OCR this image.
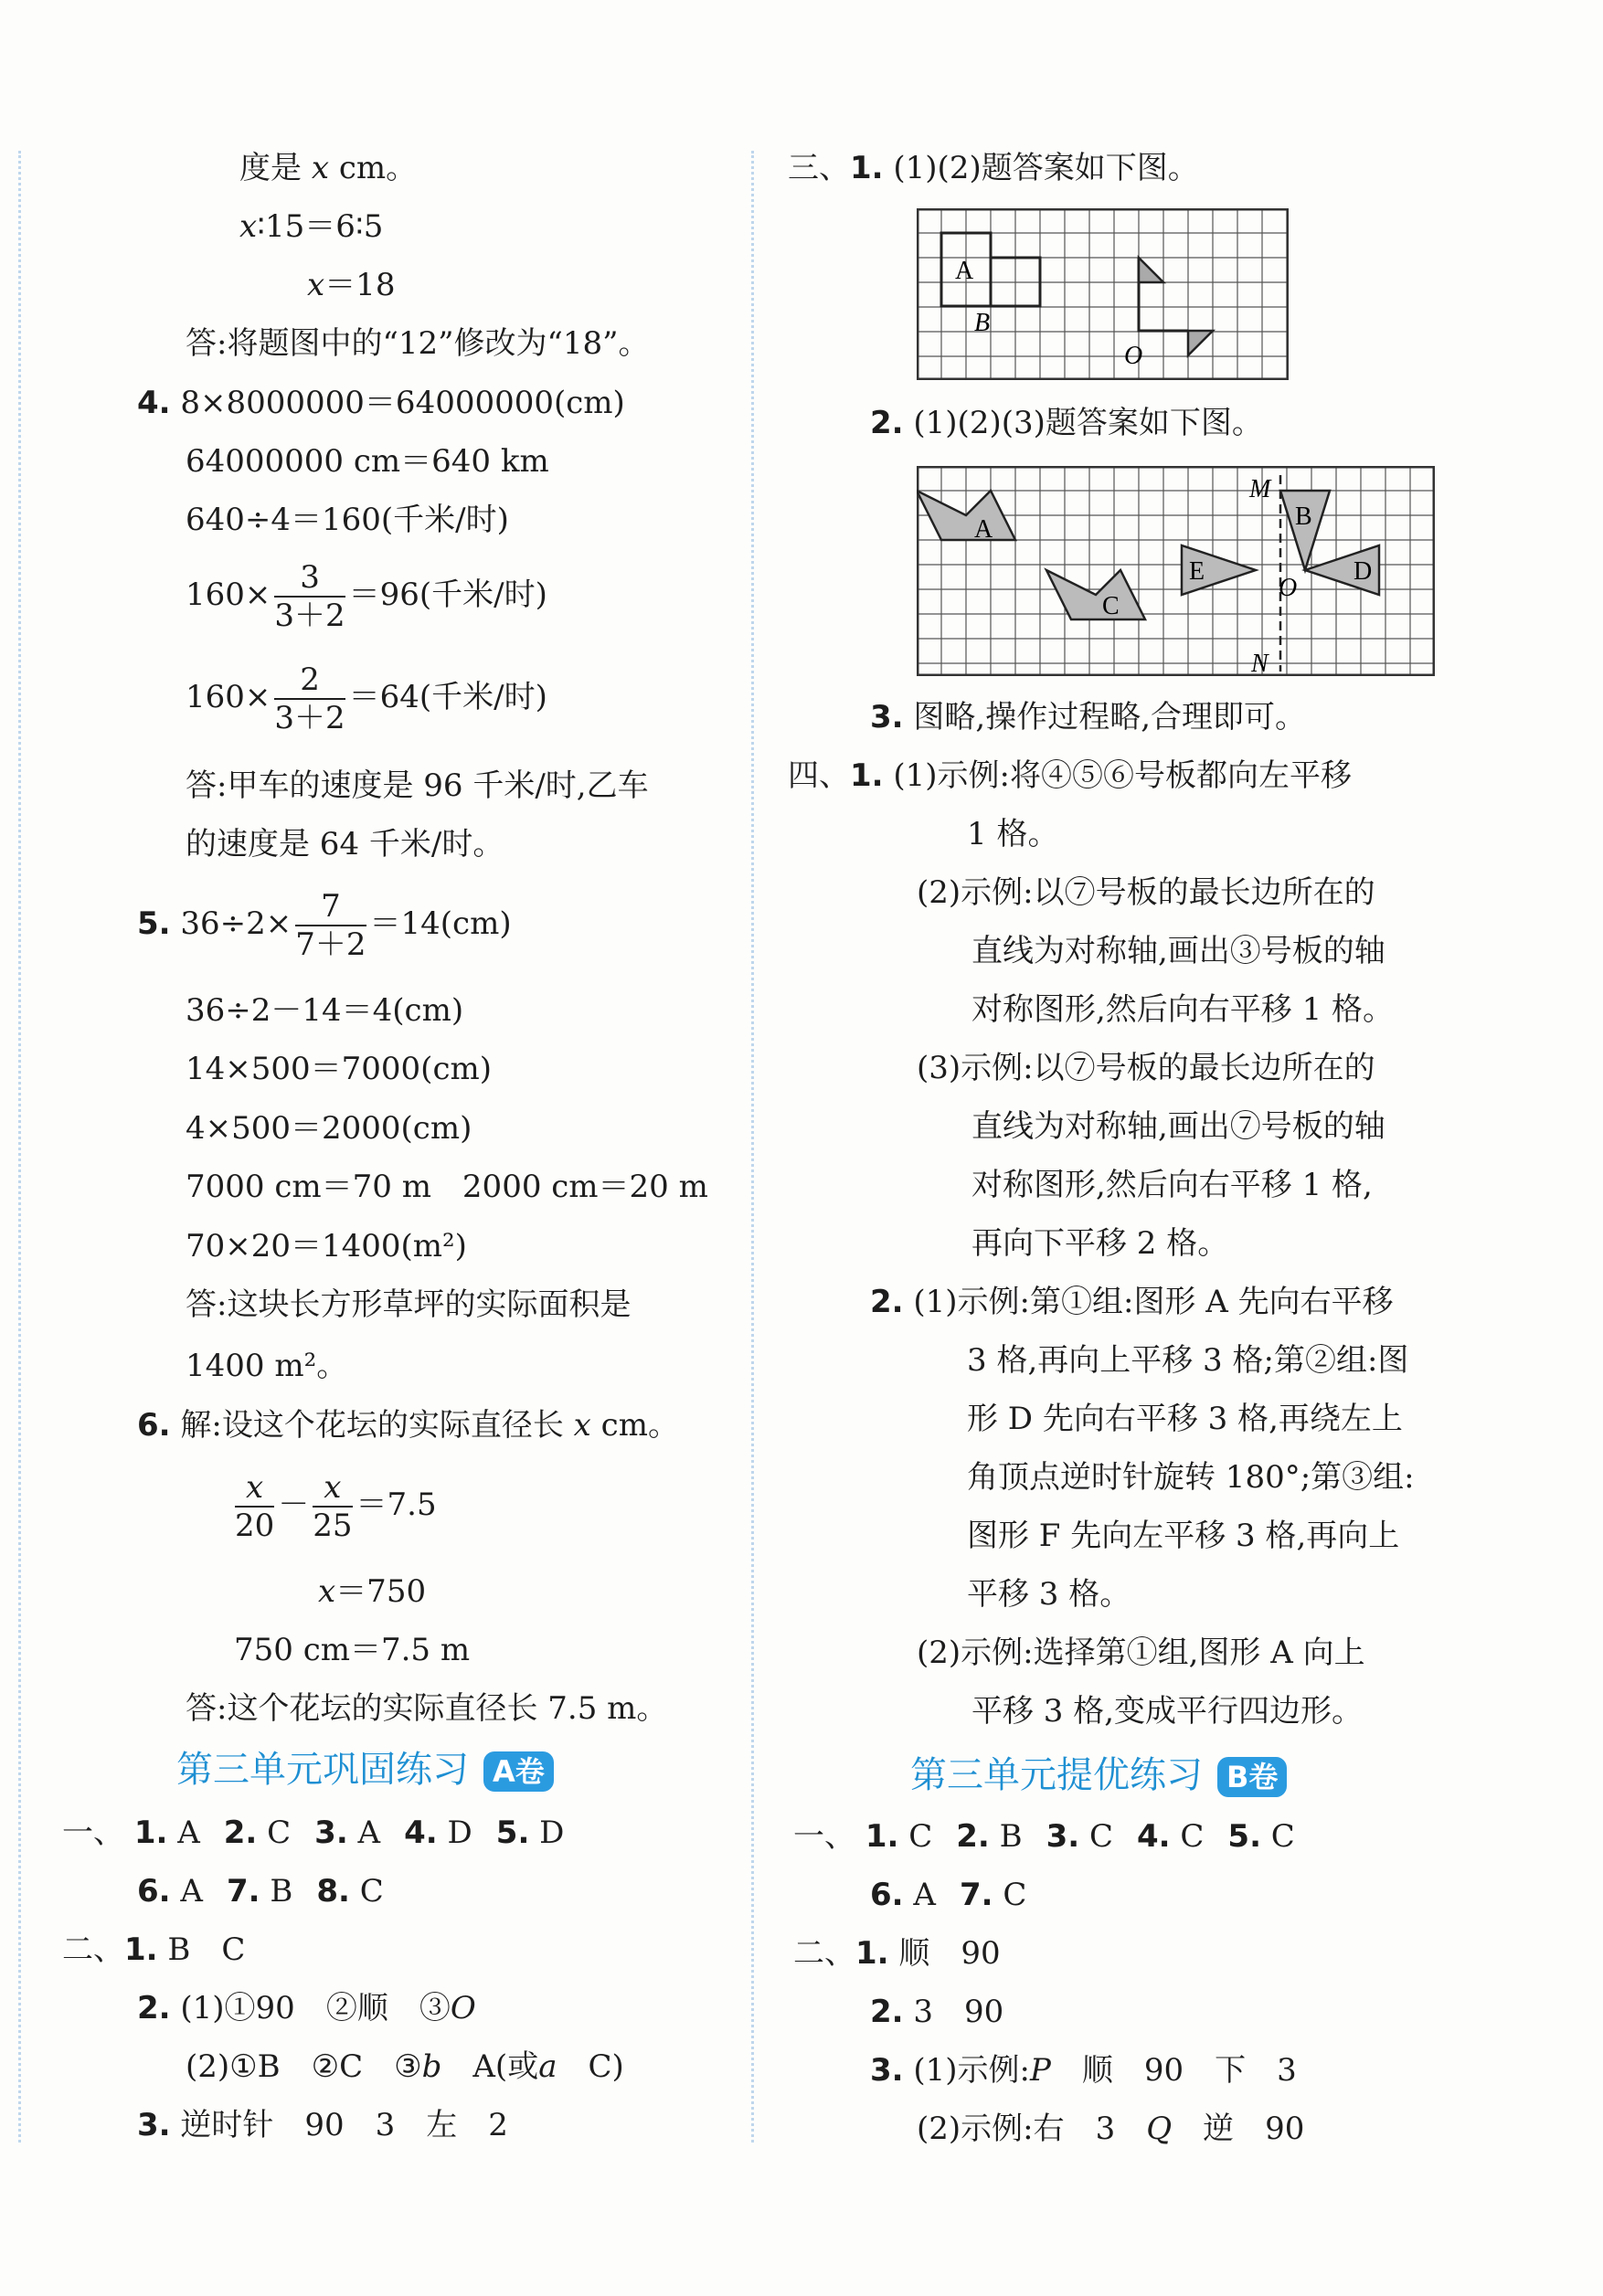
度是 x cm。
x∶15＝6∶5
x＝18
答:将题图中的“12”修改为“18”。
4. 8×8000000＝64000000(cm)
64000000 cm＝640 km
640÷4＝160(千米/时)
$160\times \frac{3}{3+2} =96$(千米/时)
$160\times \frac{2}{3+2} =64$(千米/时)
答:甲车的速度是 96 千米/时,乙车
的速度是 64 千米/时。
5. $36\div 2\times \frac{7}{7+2} =14(cm)$
36÷2－14＝4(cm)
14×500＝7000(cm)
4×500＝2000(cm)
7000 cm＝70 m　2000 cm＝20 m
70×20＝1400(m²)
答:这块长方形草坪的实际面积是
1400 m²。
6. 解:设这个花坛的实际直径长 x cm。
$\frac{x}{20} - \frac{x}{25} =7.5$
x＝750
750 cm＝7.5 m
答:这个花坛的实际直径长 7.5 m。
第三单元巩固练习 A卷
一、 1. A 2. C 3. A 4. D 5. D
6. A 7. B 8. C
二、1. B　C
2. (1)①90　②顺　③O
(2)①B　②C　③b　A(或a　C)
3. 逆时针　90　3　左　2
三、1. (1)(2)题答案如下图。
A
B
O
2. (1)(2)(3)题答案如下图。
A
C
E
M
N
B
D
O
3. 图略,操作过程略,合理即可。
四、1. (1)示例:将④⑤⑥号板都向左平移
1 格。
(2)示例:以⑦号板的最长边所在的
直线为对称轴,画出③号板的轴
对称图形,然后向右平移 1 格。
(3)示例:以⑦号板的最长边所在的
直线为对称轴,画出⑦号板的轴
对称图形,然后向右平移 1 格,
再向下平移 2 格。
2. (1)示例:第①组:图形 A 先向右平移
3 格,再向上平移 3 格;第②组:图
形 D 先向右平移 3 格,再绕左上
角顶点逆时针旋转 180°;第③组:
图形 F 先向左平移 3 格,再向上
平移 3 格。
(2)示例:选择第①组,图形 A 向上
平移 3 格,变成平行四边形。
第三单元提优练习 B卷
一、 1. C 2. B 3. C 4. C 5. C
6. A 7. C
二、1. 顺　90
2. 3　90
3. (1)示例:P　顺　90　下　3
(2)示例:右　3　Q　逆　90
